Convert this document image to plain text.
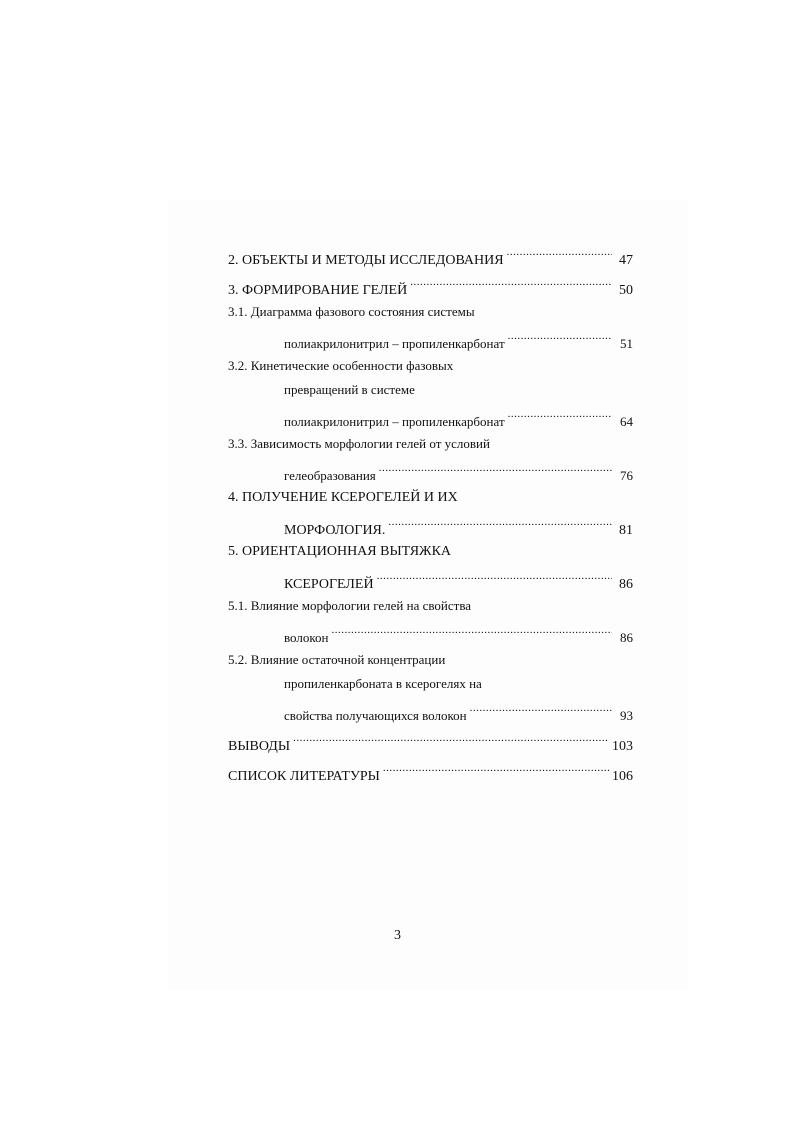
2. ОБЪЕКТЫ И МЕТОДЫ ИССЛЕДОВАНИЯ .....	47
3. ФОРМИРОВАНИЕ ГЕЛЕЙ .....	50
3.1. Диаграмма фазового состояния системы
полиакрилонитрил – пропиленкарбонат .....	51
3.2. Кинетические особенности фазовых
превращений в системе
полиакрилонитрил – пропиленкарбонат .....	64
3.3. Зависимость морфологии гелей от условий
гелеобразования .....	76
4. ПОЛУЧЕНИЕ КСЕРОГЕЛЕЙ И ИХ
МОРФОЛОГИЯ. .....	81
5. ОРИЕНТАЦИОННАЯ ВЫТЯЖКА
КСЕРОГЕЛЕЙ .....	86
5.1. Влияние морфологии гелей на свойства
волокон .....	86
5.2. Влияние остаточной концентрации
пропиленкарбоната в ксерогелях на
свойства получающихся волокон .....	93
ВЫВОДЫ .....	103
СПИСОК ЛИТЕРАТУРЫ .....	106
3
